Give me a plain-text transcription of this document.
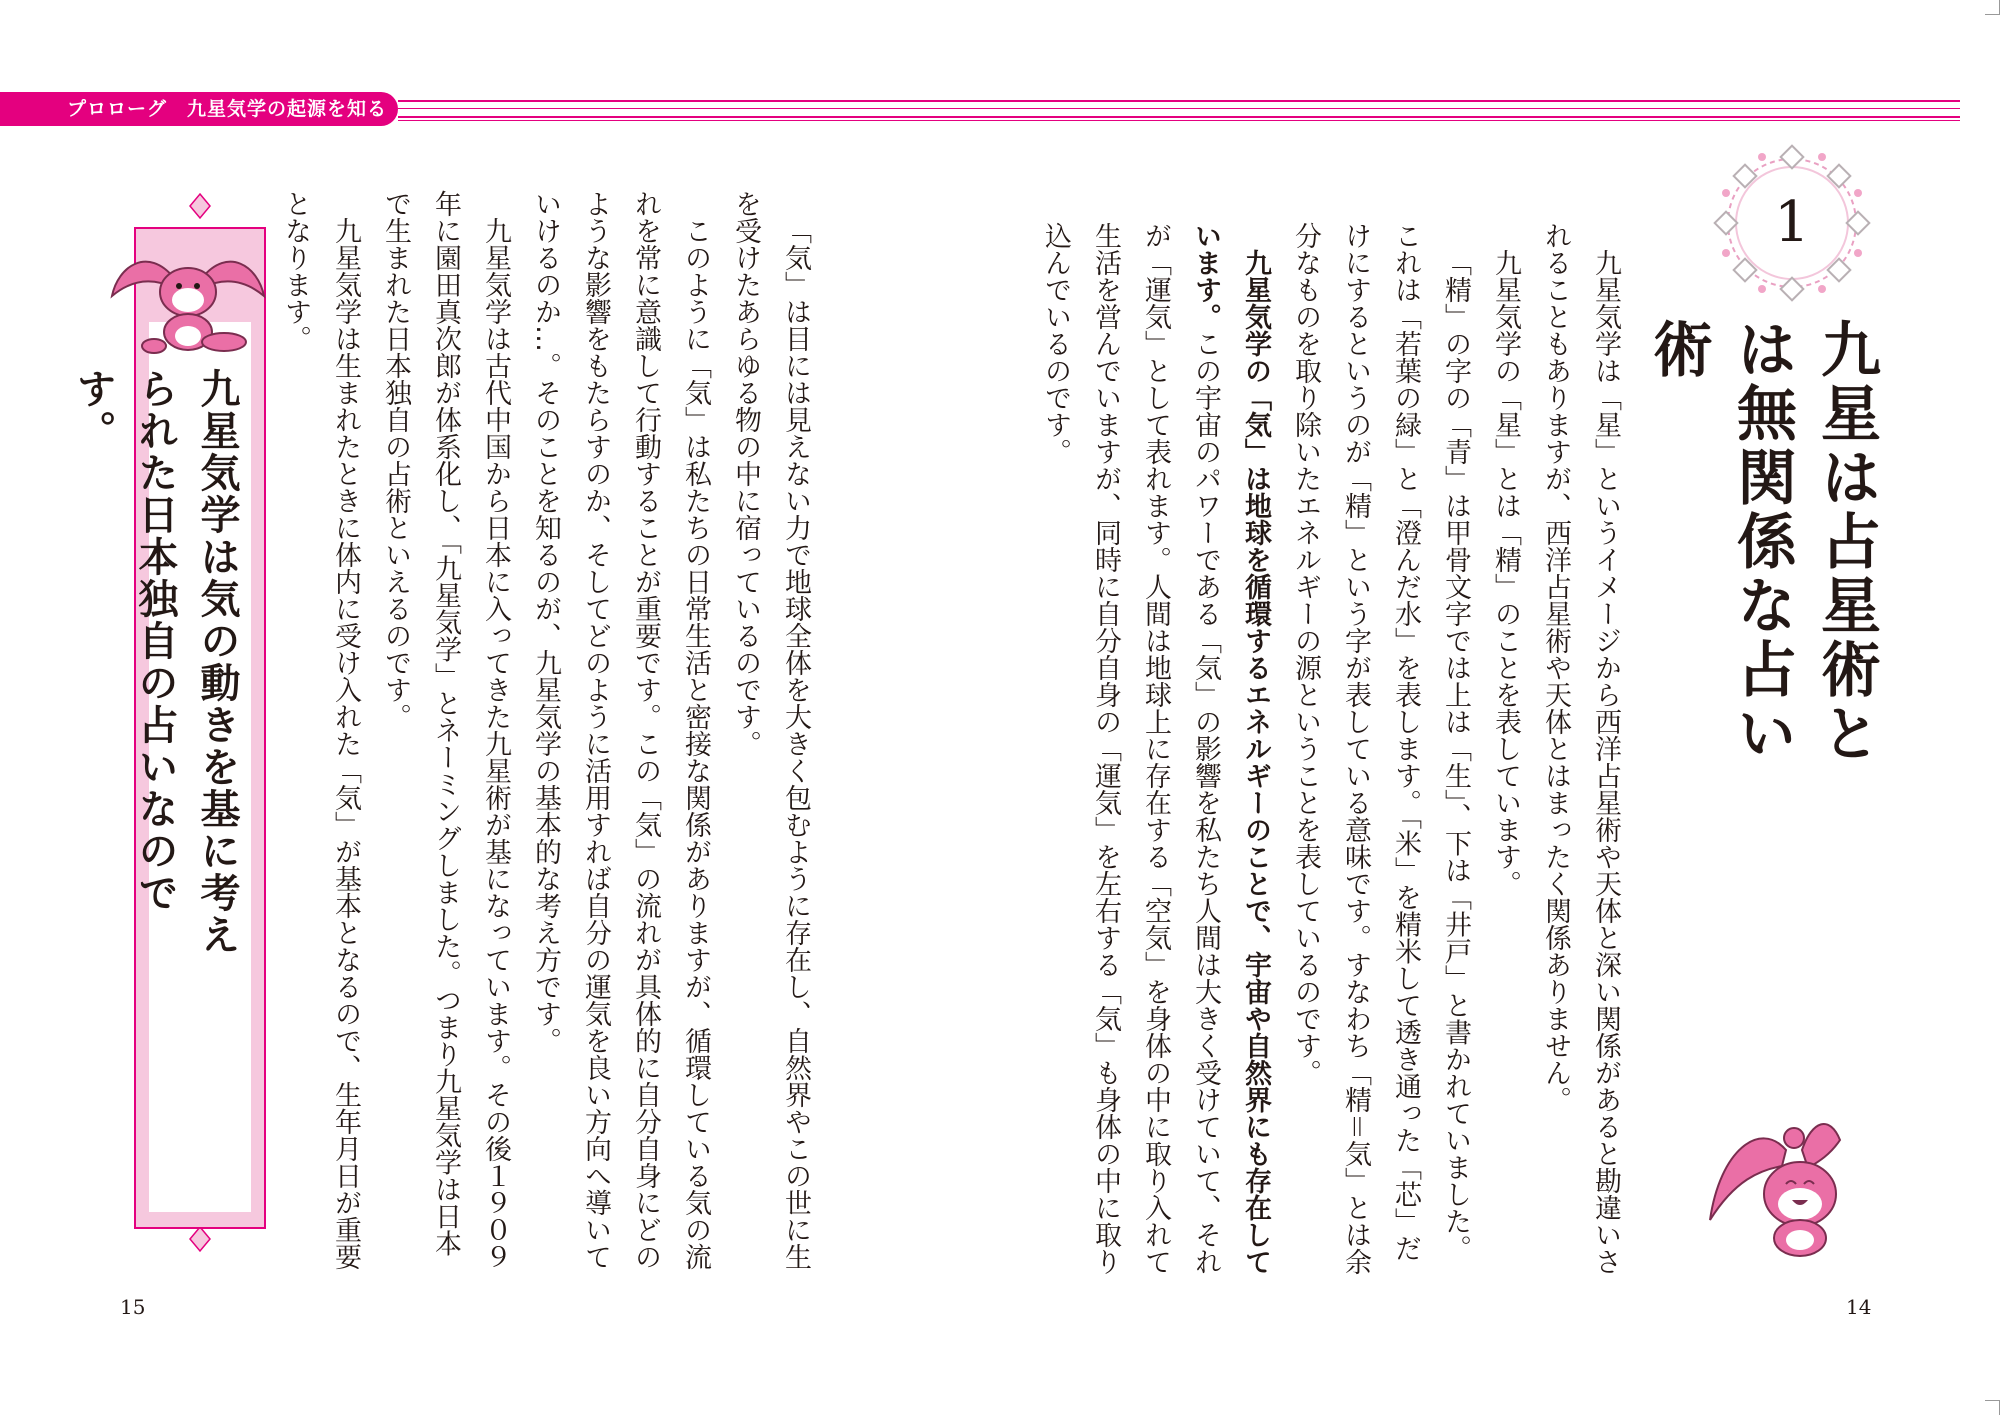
プロローグ　九星気学の起源を知る
1
九星は占星術とは無関係な占い術

九星気学は「星」というイメージから西洋占星術や天体と深い関係があると勘違いされることもありますが、西洋占星術や天体とはまったく関係ありません。

九星気学の「星」とは「精」のことを表しています。

「精」の字の「青」は甲骨文字では上は「生」、下は「井戸」と書かれていました。これは「若葉の緑」と「澄んだ水」を表します。「米」を精米して透き通った「芯」だけにするというのが「精」という字が表している意味です。すなわち「精＝気」とは余分なものを取り除いたエネルギーの源ということを表しているのです。

九星気学の「気」は地球を循環するエネルギーのことで、宇宙や自然界にも存在しています。この宇宙のパワーである「気」の影響を私たち人間は大きく受けていて、それが「運気」として表れます。人間は地球上に存在する「空気」を身体の中に取り入れて生活を営んでいますが、同時に自分自身の「運気」を左右する「気」も身体の中に取り込んでいるのです。

14

「気」は目には見えない力で地球全体を大きく包むように存在し、自然界やこの世に生を受けたあらゆる物の中に宿っているのです。

このように「気」は私たちの日常生活と密接な関係がありますが、循環している気の流れを常に意識して行動することが重要です。この「気」の流れが具体的に自分自身にどのような影響をもたらすのか、そしてどのように活用すれば自分の運気を良い方向へ導いていけるのか…。そのことを知るのが、九星気学の基本的な考え方です。

九星気学は古代中国から日本に入ってきた九星術が基になっています。その後１９０９年に園田真次郎が体系化し、「九星気学」とネーミングしました。つまり九星気学は日本で生まれた日本独自の占術といえるのです。

九星気学は生まれたときに体内に受け入れた「気」が基本となるので、生年月日が重要となります。

九星気学は気の動きを基に考えられた日本独自の占いなのです。
15
